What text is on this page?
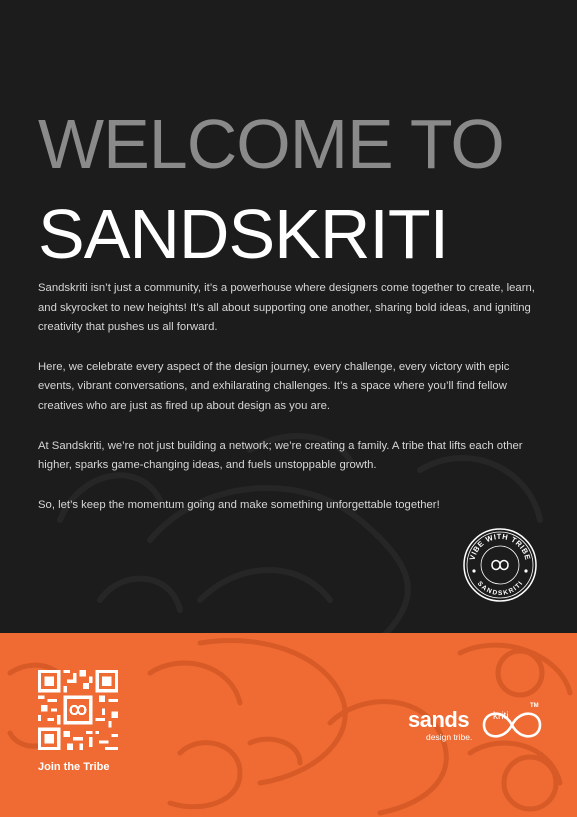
WELCOME TO
SANDSKRITI

Sandskriti isn’t just a community, it’s a powerhouse where designers come together to create, learn, and skyrocket to new heights! It’s all about supporting one another, sharing bold ideas, and igniting creativity that pushes us all forward.

Here, we celebrate every aspect of the design journey, every challenge, every victory with epic events, vibrant conversations, and exhilarating challenges. It’s a space where you’ll find fellow creatives who are just as fired up about design as you are.

At Sandskriti, we’re not just building a network; we’re creating a family. A tribe that lifts each other higher, sparks game-changing ideas, and fuels unstoppable growth.

So, let’s keep the momentum going and make something unforgettable together!

VIBE WITH TRIBE
SANDSKRITI
Join the Tribe
sands
design tribe.
kriti
TM
